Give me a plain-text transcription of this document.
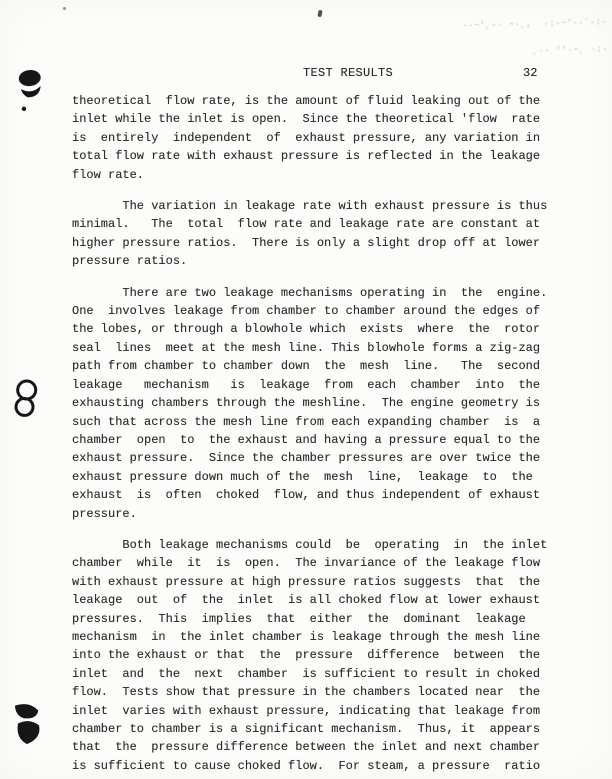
-·~'¸-· ~·¸,  ·:-~'··¨-:·

¸·- ''·~¸ ·:·

TEST RESULTS	32
theoretical  flow rate, is the amount of fluid leaking out of the
inlet while the inlet is open.  Since the theoretical 'flow  rate
is  entirely  independent  of  exhaust pressure, any variation in
total flow rate with exhaust pressure is reflected in the leakage
flow rate.
The variation in leakage rate with exhaust pressure is thus
minimal.   The  total  flow rate and leakage rate are constant at
higher pressure ratios.  There is only a slight drop off at lower
pressure ratios.
There are two leakage mechanisms operating in  the  engine.
One  involves leakage from chamber to chamber around the edges of
the lobes, or through a blowhole which  exists  where  the  rotor
seal  lines  meet at the mesh line. This blowhole forms a zig-zag
path from chamber to chamber down  the  mesh  line.   The  second
leakage   mechanism   is  leakage  from  each  chamber  into  the
exhausting chambers through the meshline.  The engine geometry is
such that across the mesh line from each expanding chamber  is  a
chamber  open  to  the exhaust and having a pressure equal to the
exhaust pressure.  Since the chamber pressures are over twice the
exhaust pressure down much of the  mesh  line,  leakage  to  the
exhaust  is  often  choked  flow, and thus independent of exhaust
pressure.
Both leakage mechanisms could  be  operating  in  the inlet
chamber  while  it  is  open.  The invariance of the leakage flow
with exhaust pressure at high pressure ratios suggests  that  the
leakage  out  of  the  inlet  is all choked flow at lower exhaust
pressures.  This  implies  that  either  the  dominant  leakage
mechanism  in  the inlet chamber is leakage through the mesh line
into the exhaust or that  the  pressure  difference  between  the
inlet  and  the  next  chamber  is sufficient to result in choked
flow.  Tests show that pressure in the chambers located near  the
inlet  varies with exhaust pressure, indicating that leakage from
chamber to chamber is a significant mechanism.  Thus, it  appears
that  the  pressure difference between the inlet and next chamber
is sufficient to cause choked flow.  For steam, a pressure  ratio
